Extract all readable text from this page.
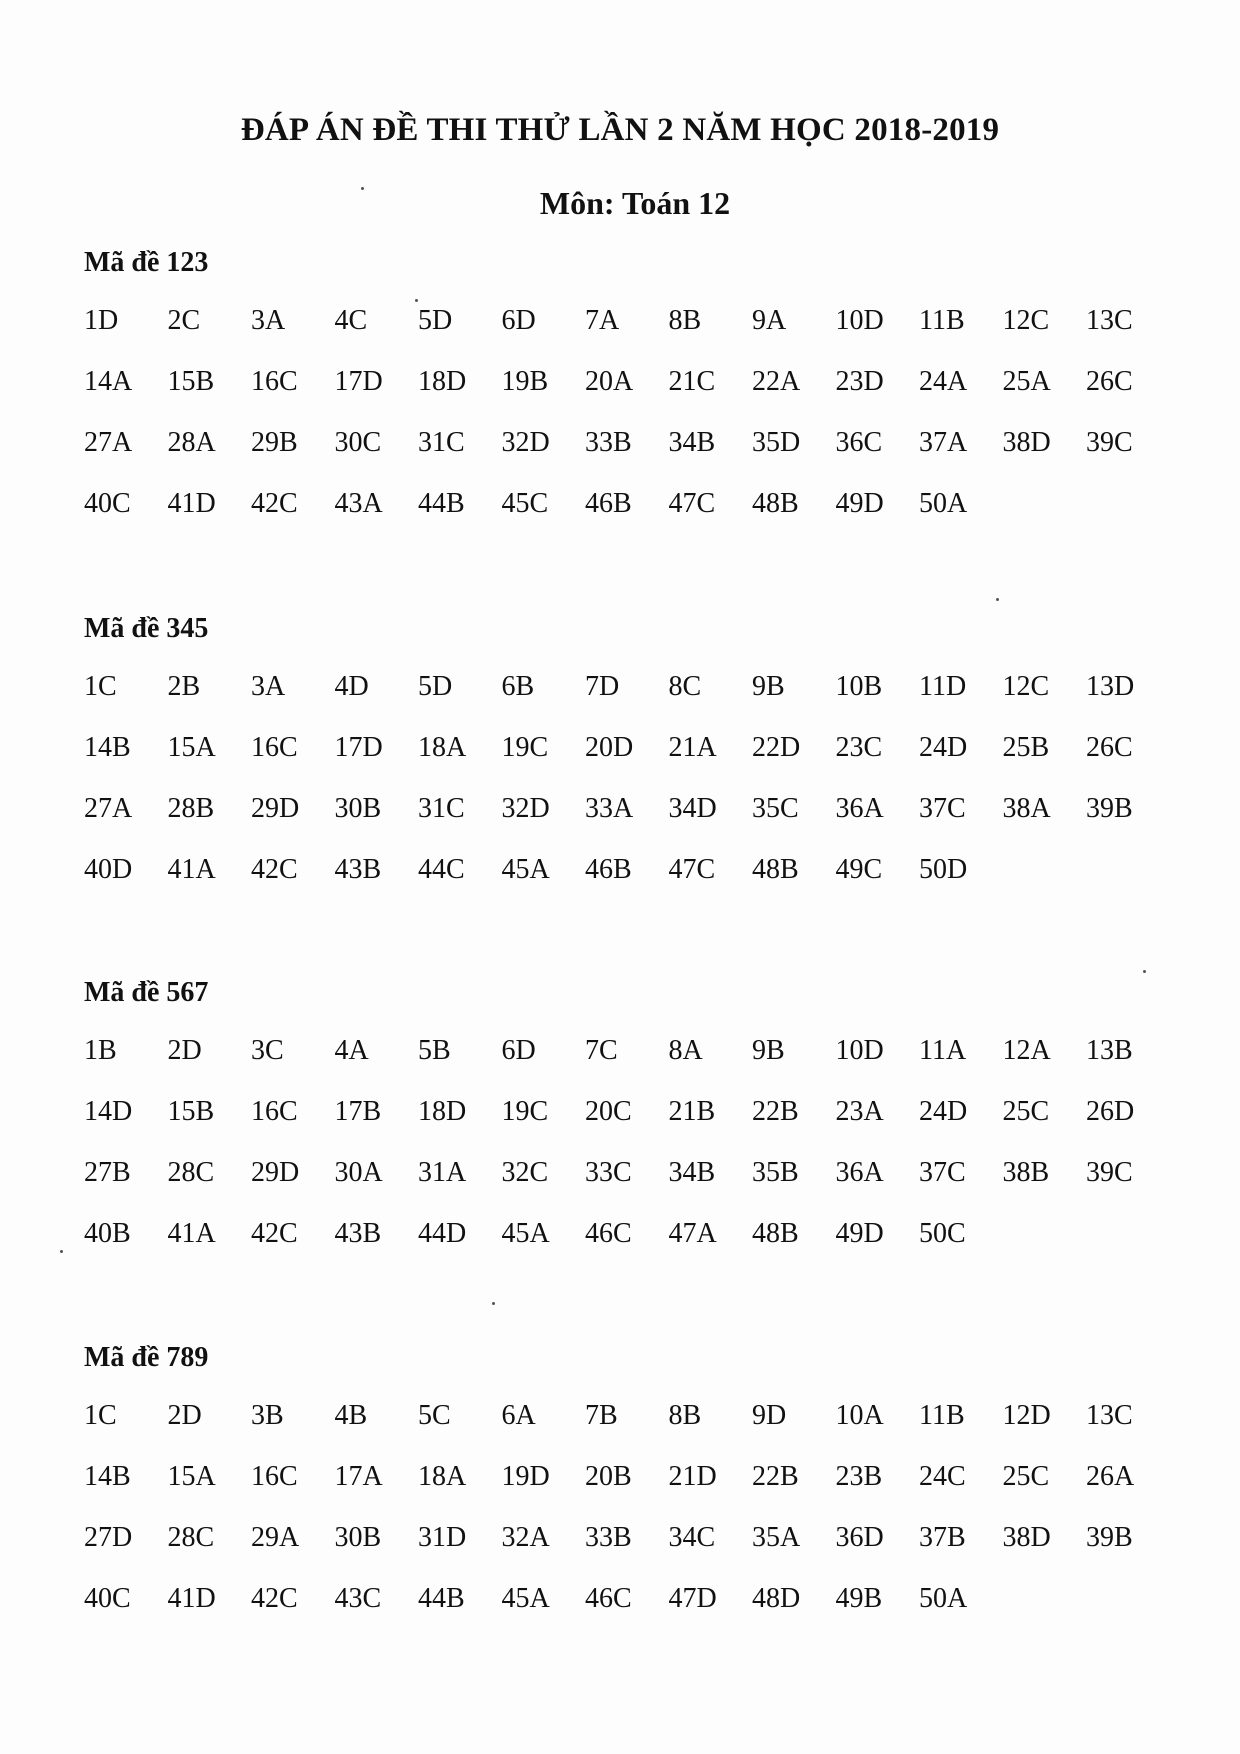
ĐÁP ÁN ĐỀ THI THỬ LẦN 2 NĂM HỌC 2018-2019
Môn: Toán 12
Mã đề 123
1D	2C	3A	4C	5D	6D	7A	8B	9A	10D	11B	12C	13C
14A	15B	16C	17D	18D	19B	20A	21C	22A	23D	24A	25A	26C
27A	28A	29B	30C	31C	32D	33B	34B	35D	36C	37A	38D	39C
40C	41D	42C	43A	44B	45C	46B	47C	48B	49D	50A
Mã đề 345
1C	2B	3A	4D	5D	6B	7D	8C	9B	10B	11D	12C	13D
14B	15A	16C	17D	18A	19C	20D	21A	22D	23C	24D	25B	26C
27A	28B	29D	30B	31C	32D	33A	34D	35C	36A	37C	38A	39B
40D	41A	42C	43B	44C	45A	46B	47C	48B	49C	50D
Mã đề 567
1B	2D	3C	4A	5B	6D	7C	8A	9B	10D	11A	12A	13B
14D	15B	16C	17B	18D	19C	20C	21B	22B	23A	24D	25C	26D
27B	28C	29D	30A	31A	32C	33C	34B	35B	36A	37C	38B	39C
40B	41A	42C	43B	44D	45A	46C	47A	48B	49D	50C
Mã đề 789
1C	2D	3B	4B	5C	6A	7B	8B	9D	10A	11B	12D	13C
14B	15A	16C	17A	18A	19D	20B	21D	22B	23B	24C	25C	26A
27D	28C	29A	30B	31D	32A	33B	34C	35A	36D	37B	38D	39B
40C	41D	42C	43C	44B	45A	46C	47D	48D	49B	50A
